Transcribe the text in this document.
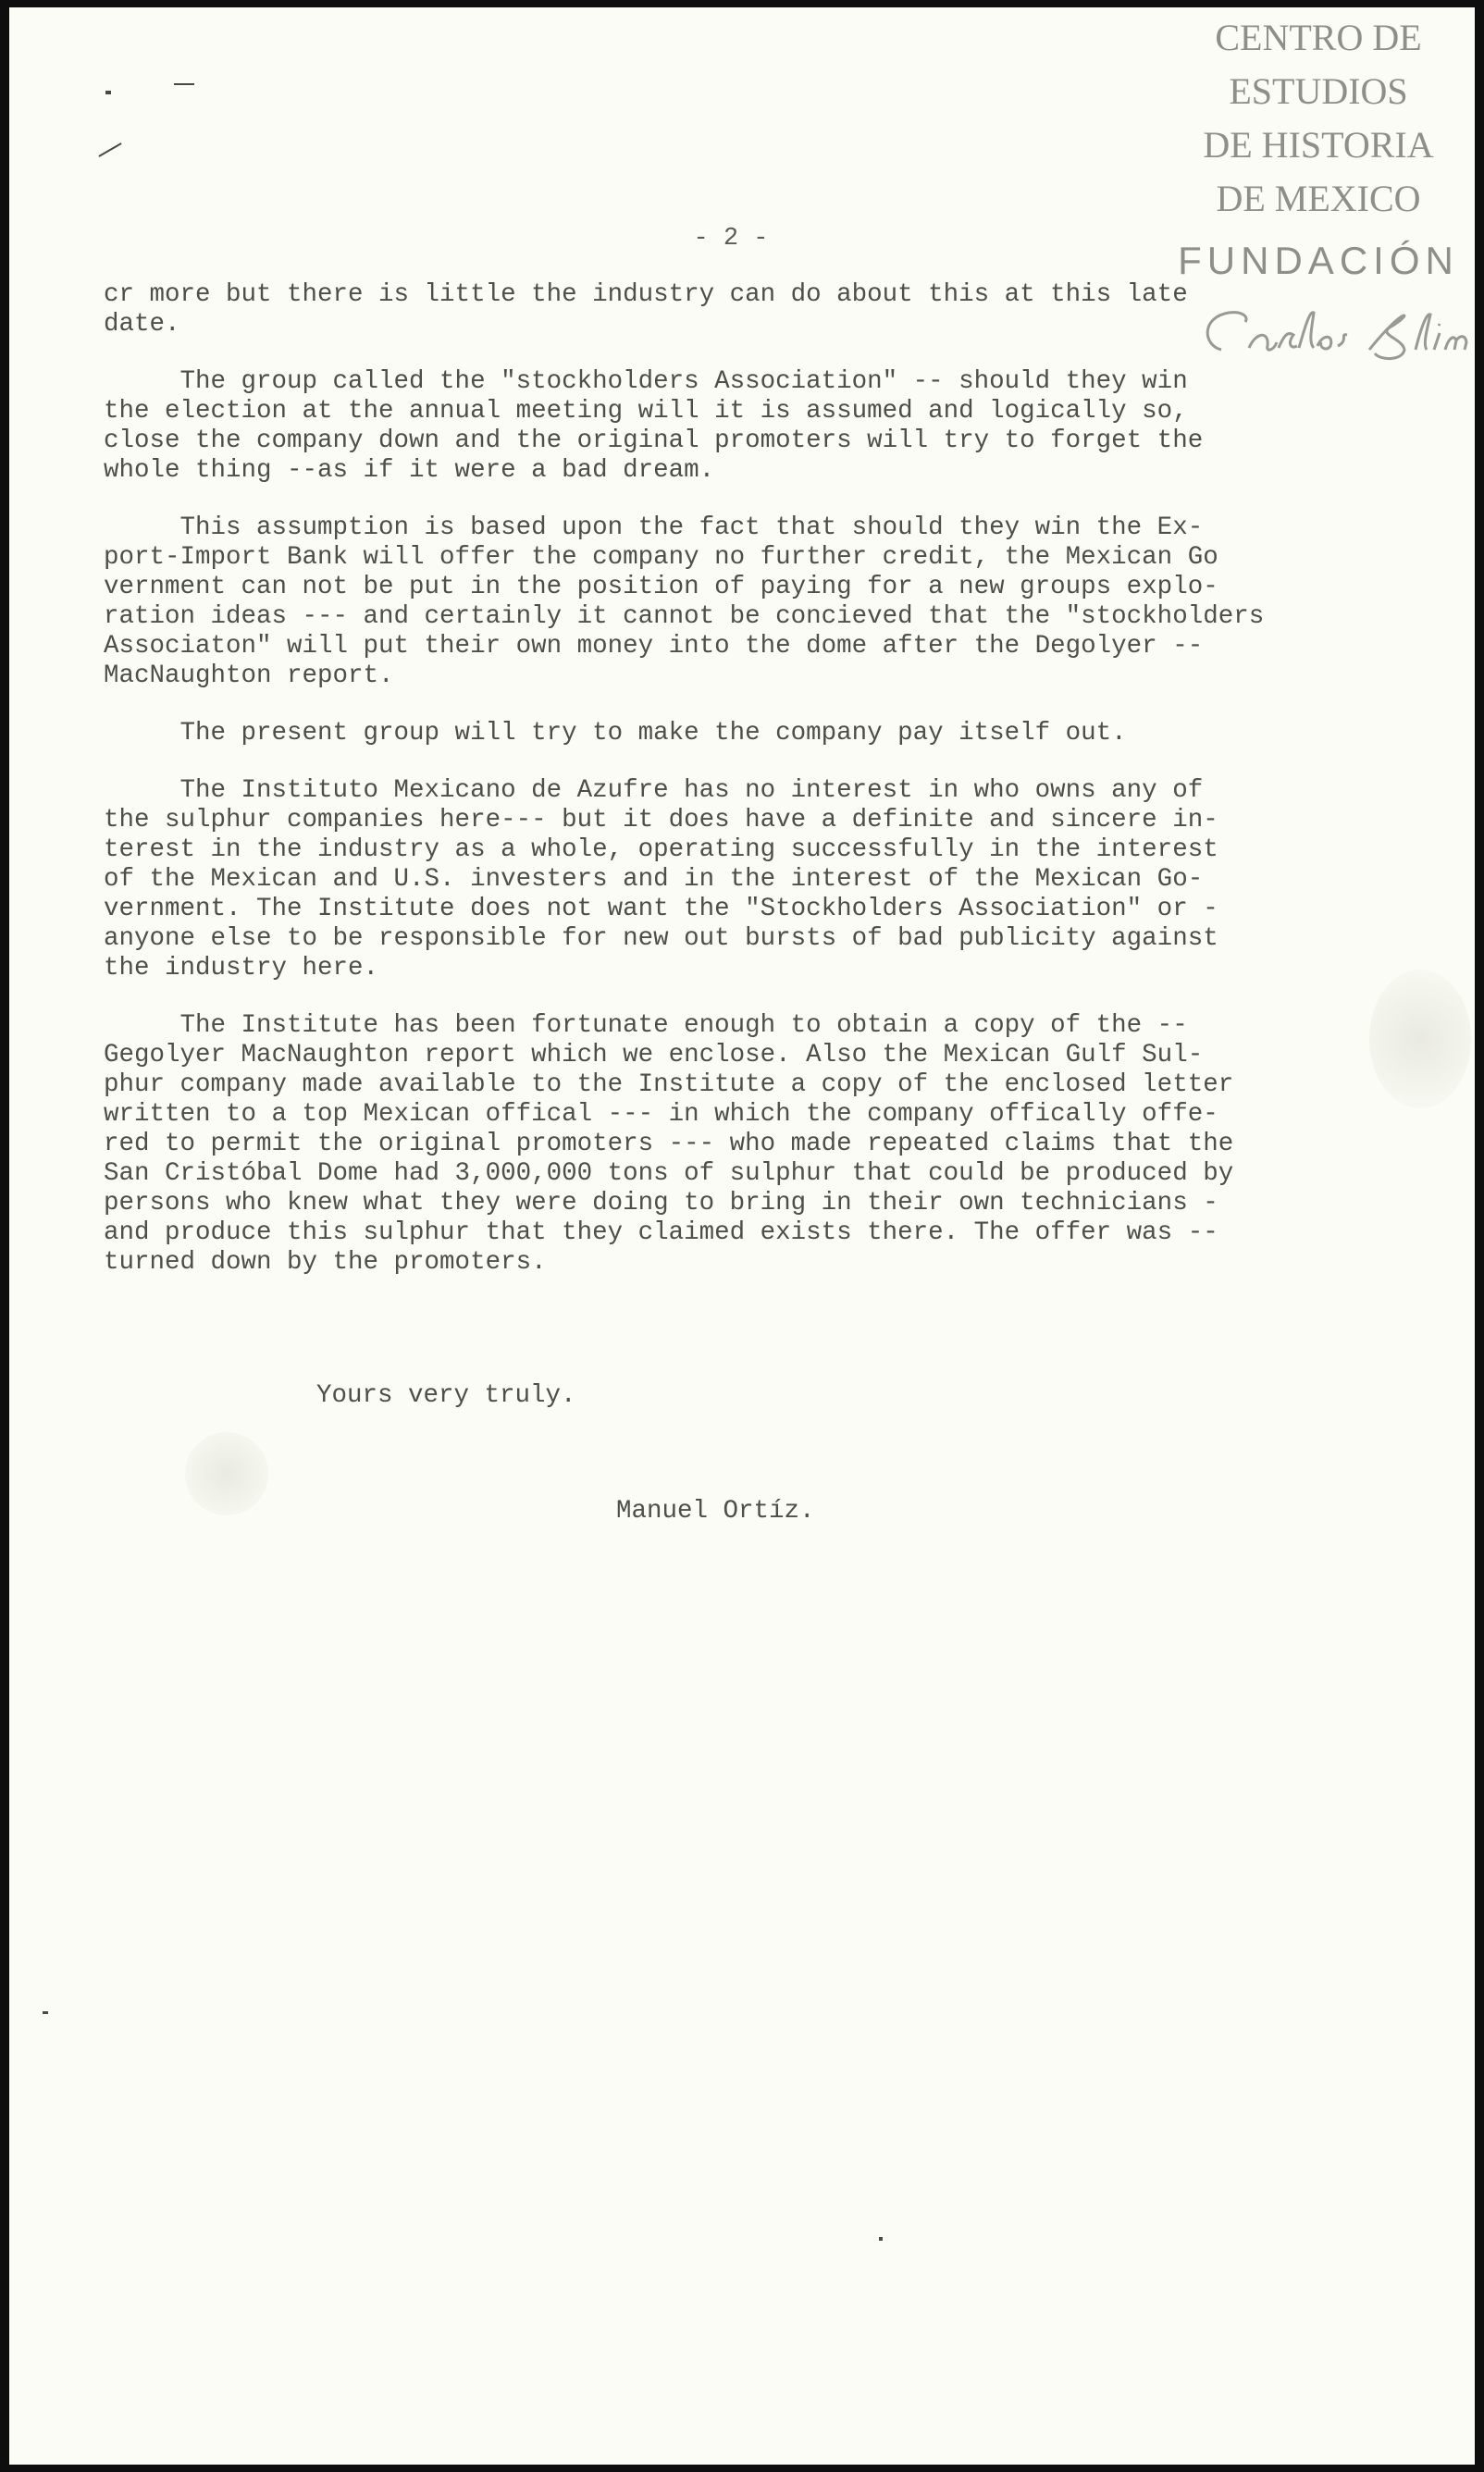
- 2 -

cr more but there is little the industry can do about this at this late
date.

The group called the "stockholders Association" -- should they win
the election at the annual meeting will it is assumed and logically so,
close the company down and the original promoters will try to forget the
whole thing --as if it were a bad dream.

This assumption is based upon the fact that should they win the Ex-
port-Import Bank will offer the company no further credit, the Mexican Go
vernment can not be put in the position of paying for a new groups explo-
ration ideas --- and certainly it cannot be concieved that the "stockholders
Associaton" will put their own money into the dome after the Degolyer --
MacNaughton report.

The present group will try to make the company pay itself out.

The Instituto Mexicano de Azufre has no interest in who owns any of
the sulphur companies here--- but it does have a definite and sincere in-
terest in the industry as a whole, operating successfully in the interest
of the Mexican and U.S. investers and in the interest of the Mexican Go-
vernment. The Institute does not want the "Stockholders Association" or -
anyone else to be responsible for new out bursts of bad publicity against
the industry here.

The Institute has been fortunate enough to obtain a copy of the --
Gegolyer MacNaughton report which we enclose. Also the Mexican Gulf Sul-
phur company made available to the Institute a copy of the enclosed letter
written to a top Mexican offical --- in which the company offically offe-
red to permit the original promoters --- who made repeated claims that the
San Cristóbal Dome had 3,000,000 tons of sulphur that could be produced by
persons who knew what they were doing to bring in their own technicians -
and produce this sulphur that they claimed exists there. The offer was --
turned down by the promoters.

Yours very truly.
Manuel Ortíz.
CENTRO DE
ESTUDIOS
DE HISTORIA
DE MEXICO
FUNDACIÓN
